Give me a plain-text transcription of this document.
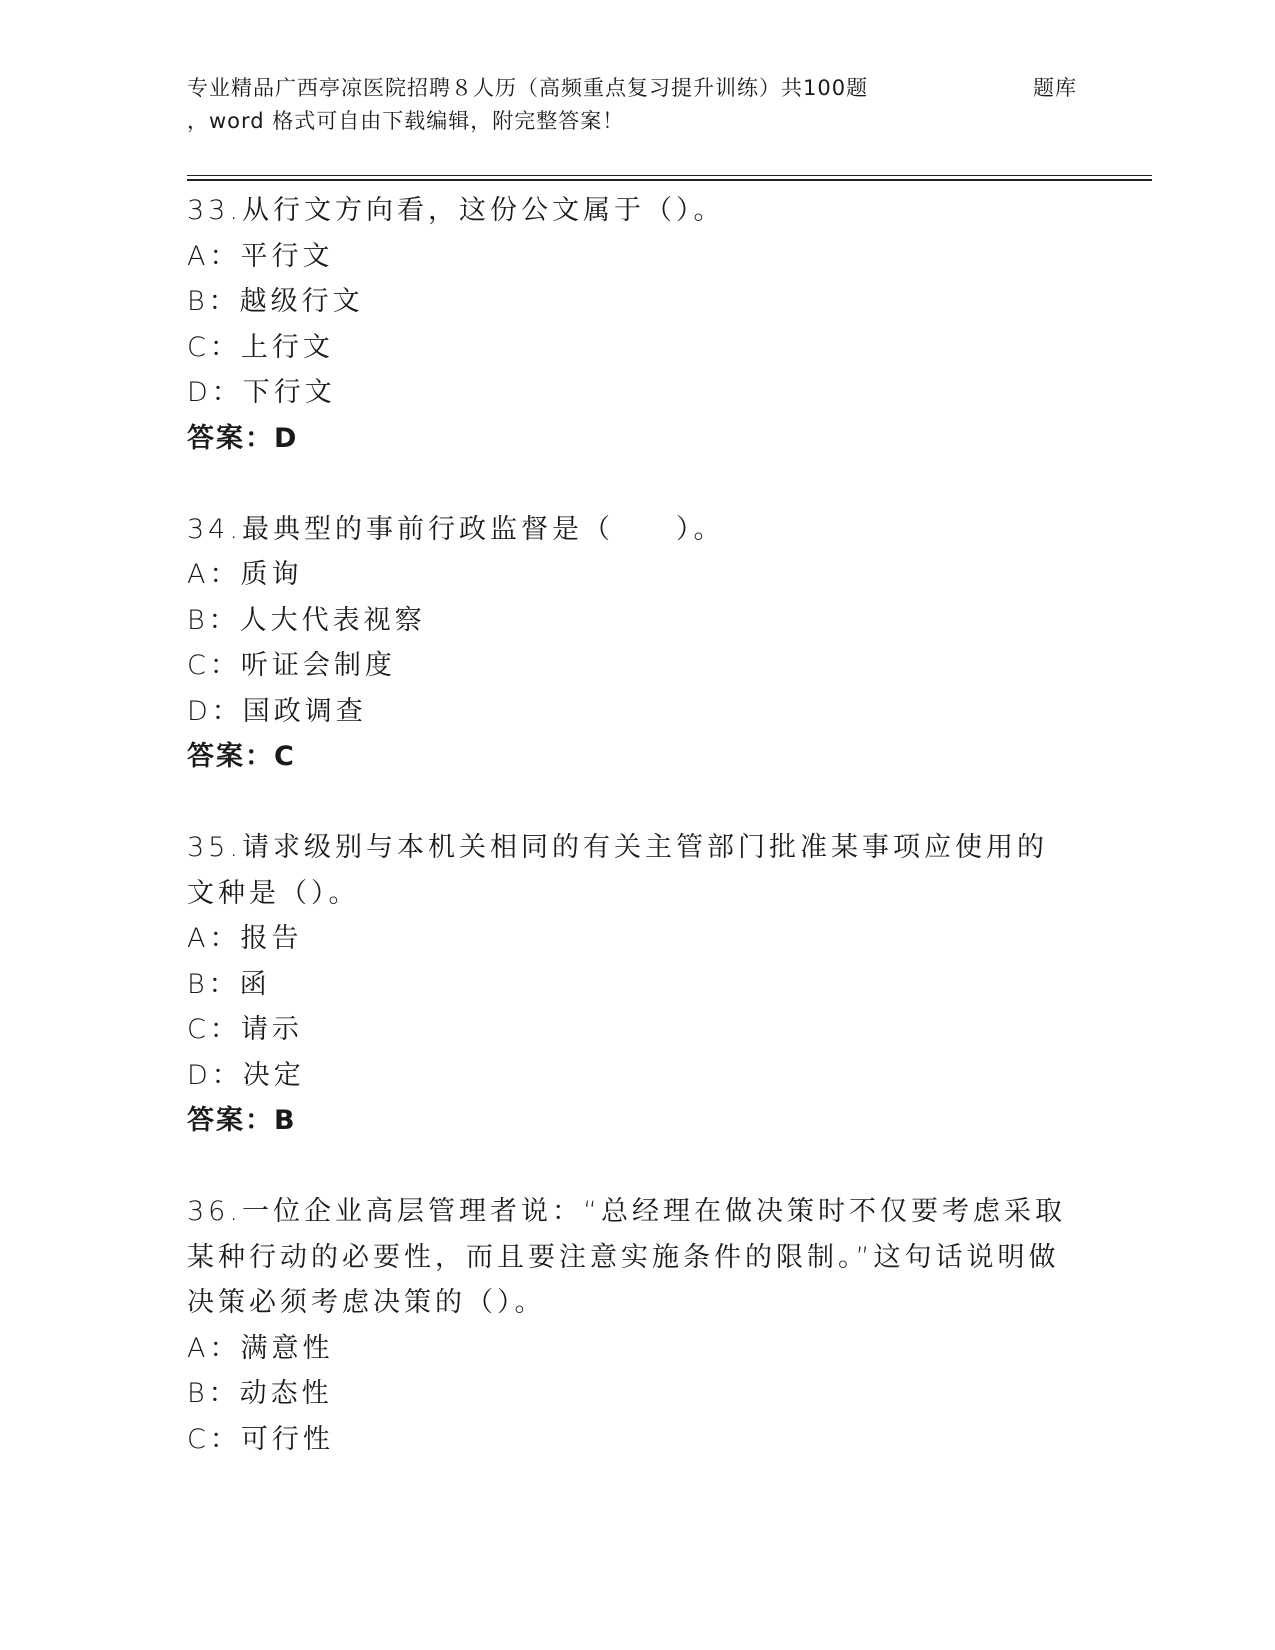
专业精品广西亭凉医院招聘８人历（高频重点复习提升训练）共100题	题库
，word 格式可自由下载编辑，附完整答案！
33.从行文方向看，这份公文属于（）。
A：平行文
B：越级行文
C：上行文
D：下行文
答案：D
34.最典型的事前行政监督是（　　）。
A：质询
B：人大代表视察
C：听证会制度
D：国政调查
答案：C
35.请求级别与本机关相同的有关主管部门批准某事项应使用的文种是（）。
A：报告
B：函
C：请示
D：决定
答案：B
36.一位企业高层管理者说：“总经理在做决策时不仅要考虑采取某种行动的必要性，而且要注意实施条件的限制。”这句话说明做决策必须考虑决策的（）。
A：满意性
B：动态性
C：可行性
